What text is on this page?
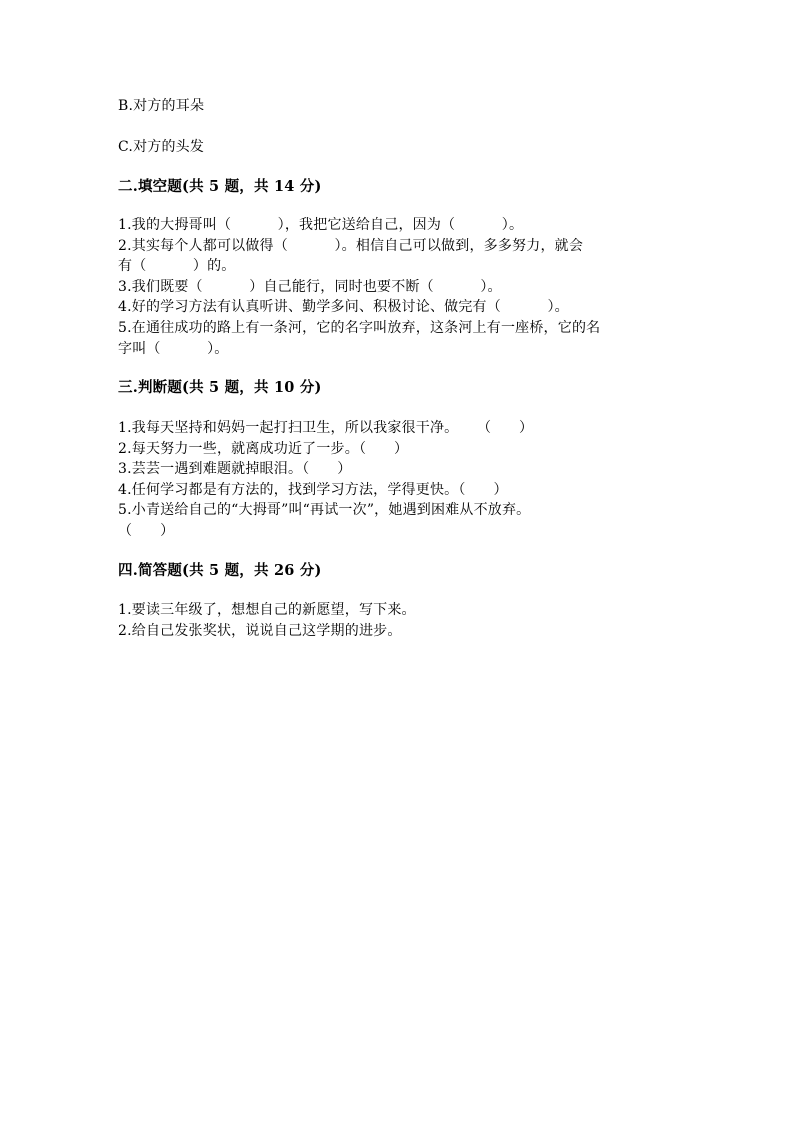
B.对方的耳朵
C.对方的头发
二.填空题(共 5 题，共 14 分)
1.我的大拇哥叫（          ），我把它送给自己，因为（          ）。
2.其实每个人都可以做得（          ）。相信自己可以做到，多多努力，就会
有（          ）的。
3.我们既要（          ）自己能行，同时也要不断（          ）。
4.好的学习方法有认真听讲、勤学多问、积极讨论、做完有（          ）。
5.在通往成功的路上有一条河，它的名字叫放弃，这条河上有一座桥，它的名
字叫（          ）。
三.判断题(共 5 题，共 10 分)
1.我每天坚持和妈妈一起打扫卫生，所以我家很干净。    （      ）
2.每天努力一些，就离成功近了一步。（      ）
3.芸芸一遇到难题就掉眼泪。（      ）
4.任何学习都是有方法的，找到学习方法，学得更快。（      ）
5.小青送给自己的“大拇哥”叫“再试一次”，她遇到困难从不放弃。
（      ）
四.简答题(共 5 题，共 26 分)
1.要读三年级了，想想自己的新愿望，写下来。
2.给自己发张奖状，说说自己这学期的进步。
